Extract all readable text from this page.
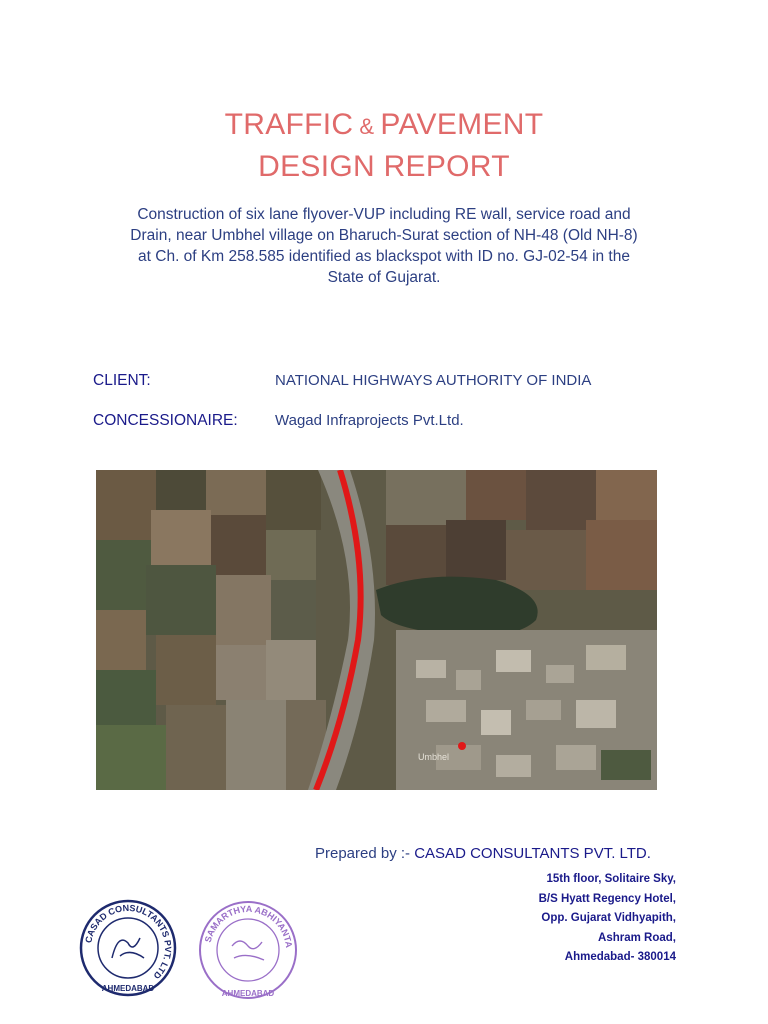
TRAFFIC & PAVEMENT
DESIGN REPORT
Construction of six lane flyover-VUP including RE wall, service road and
Drain, near Umbhel village on Bharuch-Surat section of NH-48 (Old NH-8)
at Ch. of Km 258.585 identified as blackspot with ID no. GJ-02-54 in the
State of Gujarat.
CLIENT:	NATIONAL HIGHWAYS AUTHORITY OF INDIA
CONCESSIONAIRE: Wagad Infraprojects Pvt.Ltd.
Umbhel
Prepared by :- CASAD CONSULTANTS PVT. LTD.
15th floor, Solitaire Sky,
B/S Hyatt Regency Hotel,
Opp. Gujarat Vidhyapith,
Ashram Road,
Ahmedabad- 380014
CASAD CONSULTANTS PVT. LTD
AHMEDABAD
SAMARTHYA ABHIYANTA
AHMEDABAD
